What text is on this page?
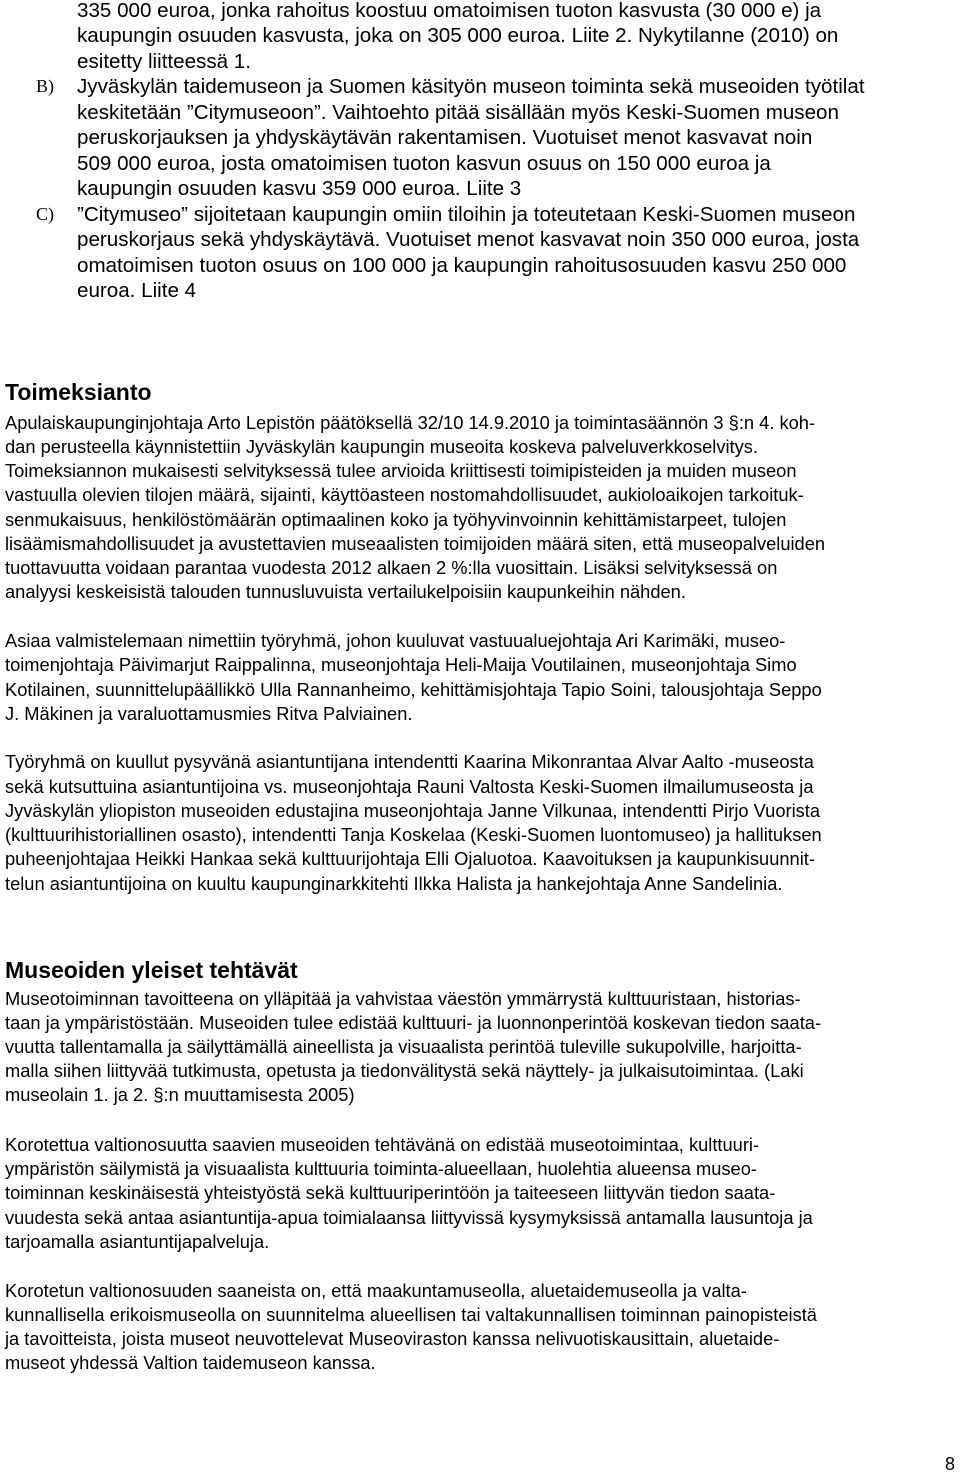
335 000 euroa, jonka rahoitus koostuu omatoimisen tuoton kasvusta (30 000 e) ja
kaupungin osuuden kasvusta, joka on 305 000 euroa. Liite 2. Nykytilanne (2010) on
esitetty liitteessä 1.
B) Jyväskylän taidemuseon ja Suomen käsityön museon toiminta sekä museoiden työtilat
keskitetään ”Citymuseoon”. Vaihtoehto pitää sisällään myös Keski-Suomen museon
peruskorjauksen ja yhdyskäytävän rakentamisen. Vuotuiset menot kasvavat noin
509 000 euroa, josta omatoimisen tuoton kasvun osuus on 150 000 euroa ja
kaupungin osuuden kasvu 359 000 euroa. Liite 3
C) ”Citymuseo” sijoitetaan kaupungin omiin tiloihin ja toteutetaan Keski-Suomen museon
peruskorjaus sekä yhdyskäytävä. Vuotuiset menot kasvavat noin 350 000 euroa, josta
omatoimisen tuoton osuus on 100 000 ja kaupungin rahoitusosuuden kasvu 250 000
euroa. Liite 4
Toimeksianto
Apulaiskaupunginjohtaja Arto Lepistön päätöksellä 32/10 14.9.2010 ja toimintasäännön 3 §:n 4. koh-
dan perusteella käynnistettiin Jyväskylän kaupungin museoita koskeva palveluverkkoselvitys.
Toimeksiannon mukaisesti selvityksessä tulee arvioida kriittisesti toimipisteiden ja muiden museon
vastuulla olevien tilojen määrä, sijainti, käyttöasteen nostomahdollisuudet, aukioloaikojen tarkoituk-
senmukaisuus, henkilöstömäärän optimaalinen koko ja työhyvinvoinnin kehittämistarpeet, tulojen
lisäämismahdollisuudet ja avustettavien museaalisten toimijoiden määrä siten, että museopalveluiden
tuottavuutta voidaan parantaa vuodesta 2012 alkaen 2 %:lla vuosittain. Lisäksi selvityksessä on
analyysi keskeisistä talouden tunnusluvuista vertailukelpoisiin kaupunkeihin nähden.
Asiaa valmistelemaan nimettiin työryhmä, johon kuuluvat vastuualuejohtaja Ari Karimäki, museo-
toimenjohtaja Päivimarjut Raippalinna, museonjohtaja Heli-Maija Voutilainen, museonjohtaja Simo
Kotilainen, suunnittelupäällikkö Ulla Rannanheimo, kehittämisjohtaja Tapio Soini, talousjohtaja Seppo
J. Mäkinen ja varaluottamusmies Ritva Palviainen.
Työryhmä on kuullut pysyvänä asiantuntijana intendentti Kaarina Mikonrantaa Alvar Aalto -museosta
sekä kutsuttuina asiantuntijoina vs. museonjohtaja Rauni Valtosta Keski-Suomen ilmailumuseosta ja
Jyväskylän yliopiston museoiden edustajina museonjohtaja Janne Vilkunaa, intendentti Pirjo Vuorista
(kulttuurihistoriallinen osasto), intendentti Tanja Koskelaa (Keski-Suomen luontomuseo) ja hallituksen
puheenjohtajaa Heikki Hankaa sekä kulttuurijohtaja Elli Ojaluotoa. Kaavoituksen ja kaupunkisuunnit-
telun asiantuntijoina on kuultu kaupunginarkkitehti Ilkka Halista ja hankejohtaja Anne Sandelinia.
Museoiden yleiset tehtävät
Museotoiminnan tavoitteena on ylläpitää ja vahvistaa väestön ymmärrystä kulttuuristaan, historias-
taan ja ympäristöstään. Museoiden tulee edistää kulttuuri- ja luonnonperintöä koskevan tiedon saata-
vuutta tallentamalla ja säilyttämällä aineellista ja visuaalista perintöä tuleville sukupolville, harjoitta-
malla siihen liittyvää tutkimusta, opetusta ja tiedonvälitystä sekä näyttely- ja julkaisutoimintaa. (Laki
museolain 1. ja 2. §:n muuttamisesta 2005)
Korotettua valtionosuutta saavien museoiden tehtävänä on edistää museotoimintaa, kulttuuri-
ympäristön säilymistä ja visuaalista kulttuuria toiminta-alueellaan, huolehtia alueensa museo-
toiminnan keskinäisestä yhteistyöstä sekä kulttuuriperintöön ja taiteeseen liittyvän tiedon saata-
vuudesta sekä antaa asiantuntija-apua toimialaansa liittyvissä kysymyksissä antamalla lausuntoja ja
tarjoamalla asiantuntijapalveluja.
Korotetun valtionosuuden saaneista on, että maakuntamuseolla, aluetaidemuseolla ja valta-
kunnallisella erikoismuseolla on suunnitelma alueellisen tai valtakunnallisen toiminnan painopisteistä
ja tavoitteista, joista museot neuvottelevat Museoviraston kanssa nelivuotiskausittain, aluetaide-
museot yhdessä Valtion taidemuseon kanssa.
8
